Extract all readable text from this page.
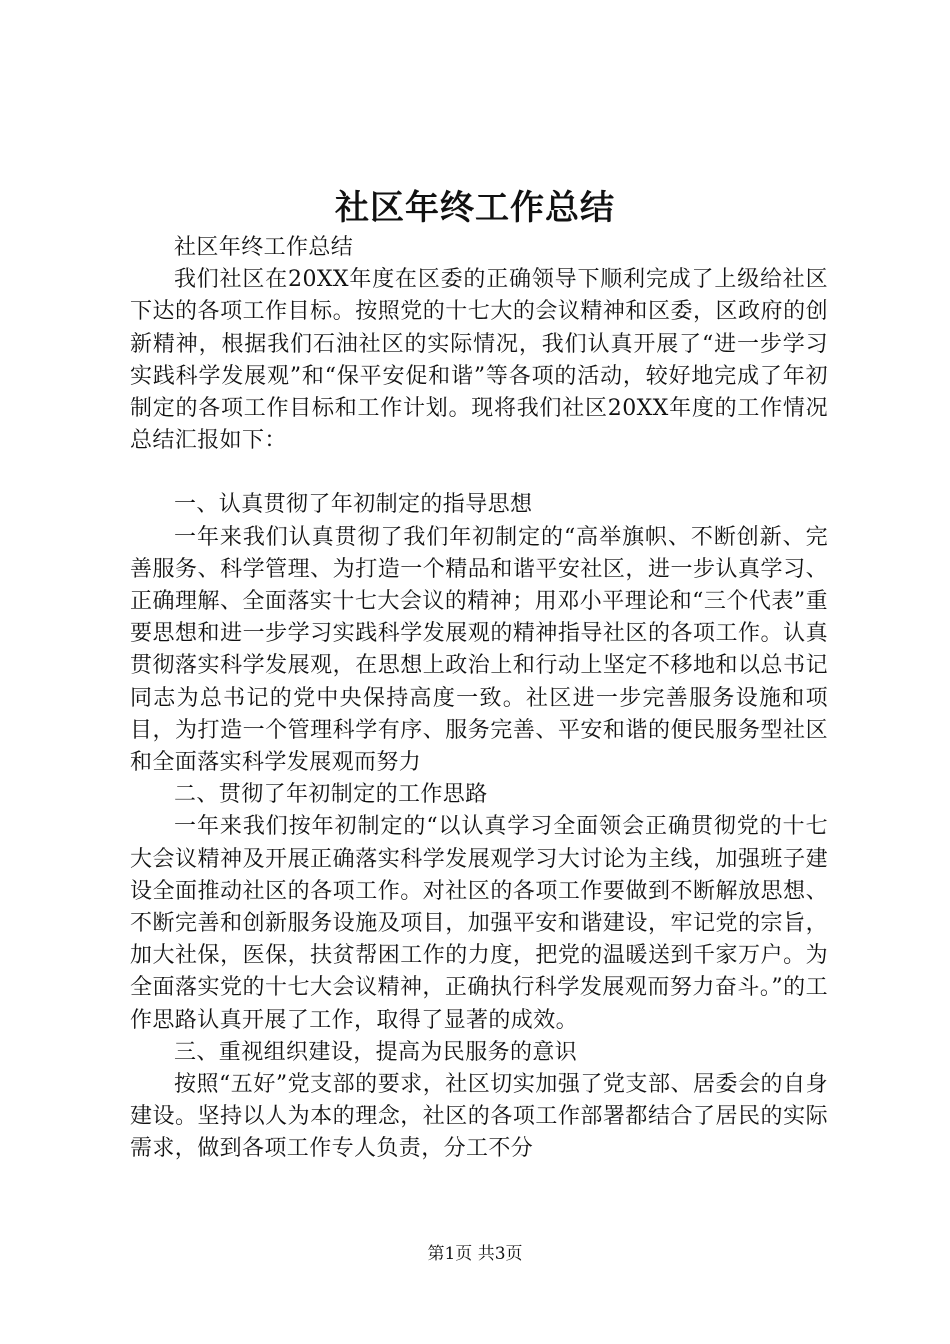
社区年终工作总结

社区年终工作总结

我们社区在20XX年度在区委的正确领导下顺利完成了上级给社区下达的各项工作目标。按照党的十七大的会议精神和区委，区政府的创新精神，根据我们石油社区的实际情况，我们认真开展了“进一步学习实践科学发展观”和“保平安促和谐”等各项的活动，较好地完成了年初制定的各项工作目标和工作计划。现将我们社区20XX年度的工作情况总结汇报如下：

一、认真贯彻了年初制定的指导思想

一年来我们认真贯彻了我们年初制定的“高举旗帜、不断创新、完善服务、科学管理、为打造一个精品和谐平安社区，进一步认真学习、正确理解、全面落实十七大会议的精神；用邓小平理论和“三个代表”重要思想和进一步学习实践科学发展观的精神指导社区的各项工作。认真贯彻落实科学发展观，在思想上政治上和行动上坚定不移地和以总书记同志为总书记的党中央保持高度一致。社区进一步完善服务设施和项目，为打造一个管理科学有序、服务完善、平安和谐的便民服务型社区和全面落实科学发展观而努力

二、贯彻了年初制定的工作思路

一年来我们按年初制定的“以认真学习全面领会正确贯彻党的十七大会议精神及开展正确落实科学发展观学习大讨论为主线，加强班子建设全面推动社区的各项工作。对社区的各项工作要做到不断解放思想、不断完善和创新服务设施及项目，加强平安和谐建设，牢记党的宗旨，加大社保，医保，扶贫帮困工作的力度，把党的温暖送到千家万户。为全面落实党的十七大会议精神，正确执行科学发展观而努力奋斗。”的工作思路认真开展了工作，取得了显著的成效。

三、重视组织建设，提高为民服务的意识

按照“五好”党支部的要求，社区切实加强了党支部、居委会的自身建设。坚持以人为本的理念，社区的各项工作部署都结合了居民的实际需求，做到各项工作专人负责，分工不分

第1页 共3页
